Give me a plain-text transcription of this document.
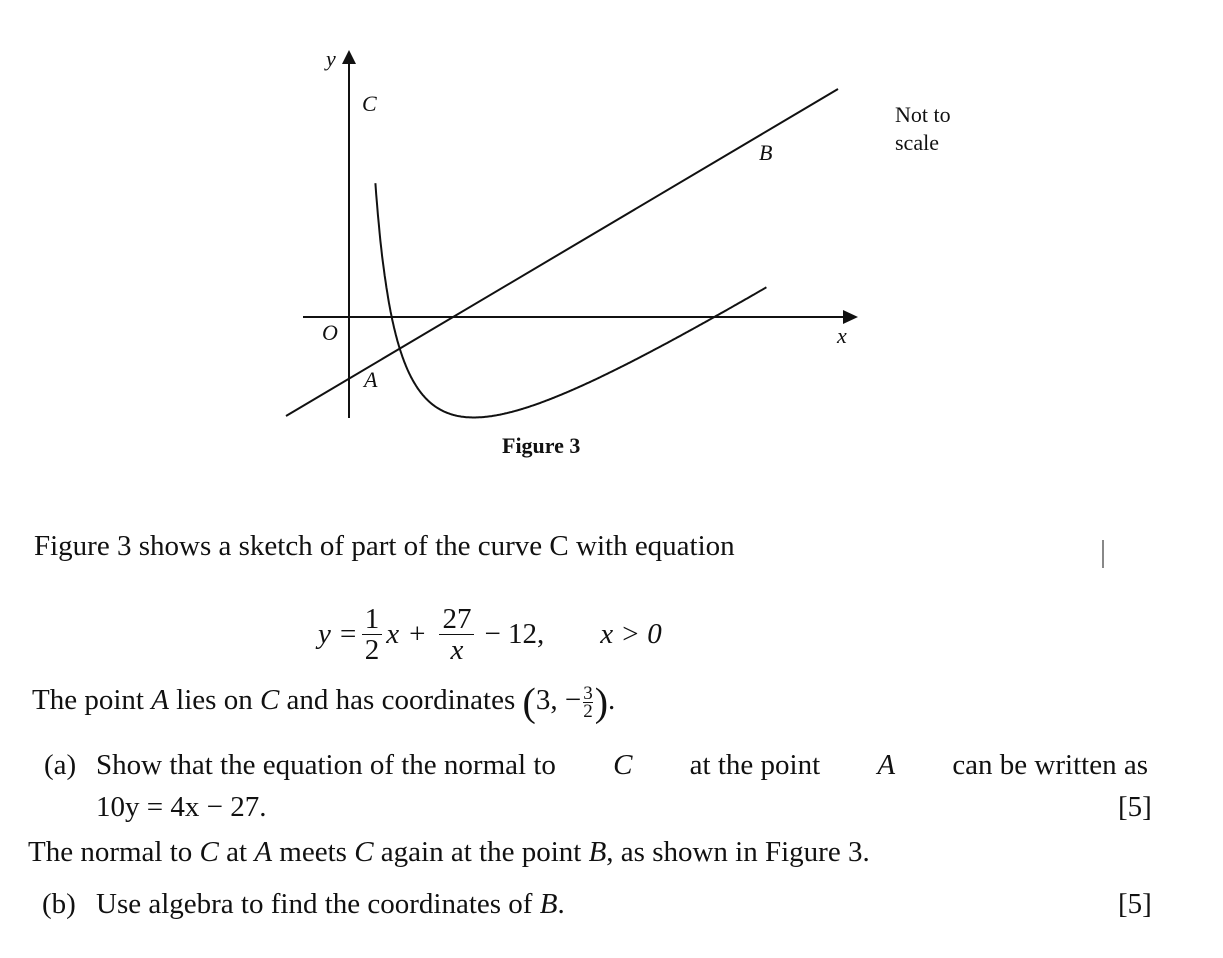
y
x
O
C
A
B
Not to
scale
Figure 3
Figure 3 shows a sketch of part of the curve C with equation
$y = \frac{1}{2}$ $x + \frac{27}{x} - 12$, x > 0
The point A lies on C and has coordinates (3, − $\frac{3}{2}$ ).
(a) Show that the equation of the normal to C at the point A can be written as
10y = 4x − 27.	[5]
The normal to C at A meets C again at the point B, as shown in Figure 3.
(b) Use algebra to find the coordinates of B.	[5]
